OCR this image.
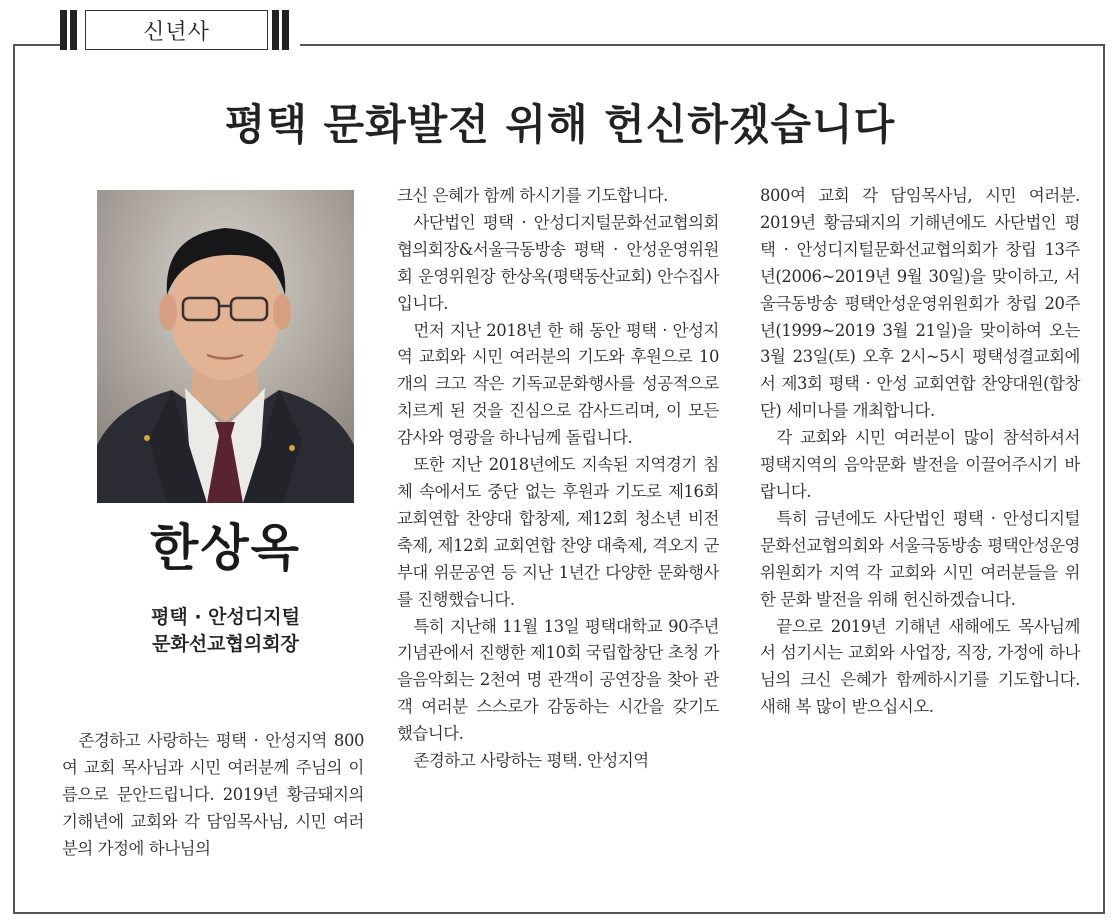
신년사
평택 문화발전 위해 헌신하겠습니다
한상옥
평택 · 안성디지털
문화선교협의회장

존경하고 사랑하는 평택 · 안성지역 800여 교회 목사님과 시민 여러분께 주님의 이름으로 문안드립니다. 2019년 황금돼지의 기해년에 교회와 각 담임목사님, 시민 여러분의 가정에 하나님의

크신 은혜가 함께 하시기를 기도합니다.

사단법인 평택 · 안성디지털문화선교협의회 협의회장&서울극동방송 평택 · 안성운영위원회 운영위원장 한상옥(평택동산교회) 안수집사입니다.

먼저 지난 2018년 한 해 동안 평택 · 안성지역 교회와 시민 여러분의 기도와 후원으로 10개의 크고 작은 기독교문화행사를 성공적으로 치르게 된 것을 진심으로 감사드리며, 이 모든 감사와 영광을 하나님께 돌립니다.

또한 지난 2018년에도 지속된 지역경기 침체 속에서도 중단 없는 후원과 기도로 제16회 교회연합 찬양대 합창제, 제12회 청소년 비전축제, 제12회 교회연합 찬양 대축제, 격오지 군부대 위문공연 등 지난 1년간 다양한 문화행사를 진행했습니다.

특히 지난해 11월 13일 평택대학교 90주년기념관에서 진행한 제10회 국립합창단 초청 가을음악회는 2천여 명 관객이 공연장을 찾아 관객 여러분 스스로가 감동하는 시간을 갖기도 했습니다.

존경하고 사랑하는 평택. 안성지역

800여 교회 각 담임목사님, 시민 여러분. 2019년 황금돼지의 기해년에도 사단법인 평택 · 안성디지털문화선교협의회가 창립 13주년(2006~2019년 9월 30일)을 맞이하고, 서울극동방송 평택안성운영위원회가 창립 20주년(1999~2019 3월 21일)을 맞이하여 오는 3월 23일(토) 오후 2시~5시 평택성결교회에서 제3회 평택 · 안성 교회연합 찬양대원(합창단) 세미나를 개최합니다.

각 교회와 시민 여러분이 많이 참석하셔서 평택지역의 음악문화 발전을 이끌어주시기 바랍니다.

특히 금년에도 사단법인 평택 · 안성디지털문화선교협의회와 서울극동방송 평택안성운영위원회가 지역 각 교회와 시민 여러분들을 위한 문화 발전을 위해 헌신하겠습니다.

끝으로 2019년 기해년 새해에도 목사님께서 섬기시는 교회와 사업장, 직장, 가정에 하나님의 크신 은혜가 함께하시기를 기도합니다. 새해 복 많이 받으십시오.
